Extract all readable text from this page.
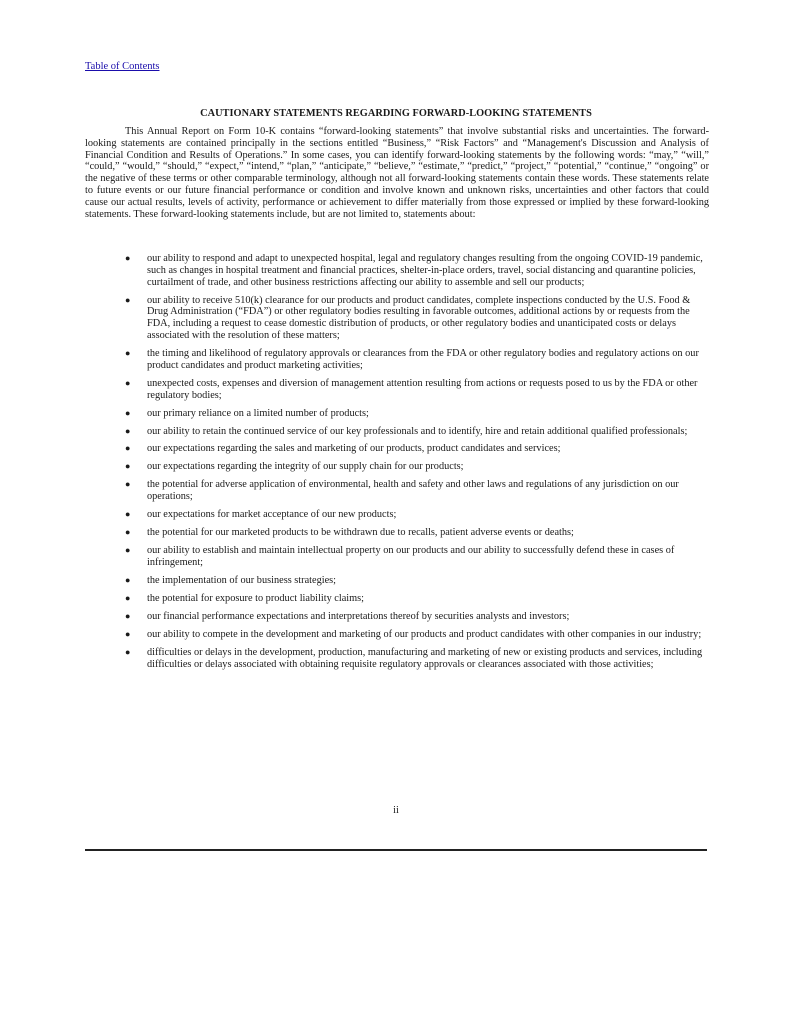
Table of Contents
CAUTIONARY STATEMENTS REGARDING FORWARD-LOOKING STATEMENTS

This Annual Report on Form 10-K contains “forward-looking statements” that involve substantial risks and uncertainties. The forward-looking statements are contained principally in the sections entitled “Business,” “Risk Factors” and “Management's Discussion and Analysis of Financial Condition and Results of Operations.” In some cases, you can identify forward-looking statements by the following words: “may,” “will,” “could,” “would,” “should,” “expect,” “intend,” “plan,” “anticipate,” “believe,” “estimate,” “predict,” “project,” “potential,” “continue,” “ongoing” or the negative of these terms or other comparable terminology, although not all forward-looking statements contain these words. These statements relate to future events or our future financial performance or condition and involve known and unknown risks, uncertainties and other factors that could cause our actual results, levels of activity, performance or achievement to differ materially from those expressed or implied by these forward-looking statements. These forward-looking statements include, but are not limited to, statements about:

● our ability to respond and adapt to unexpected hospital, legal and regulatory changes resulting from the ongoing COVID-19 pandemic, such as changes in hospital treatment and financial practices, shelter-in-place orders, travel, social distancing and quarantine policies, curtailment of trade, and other business restrictions affecting our ability to assemble and sell our products;
● our ability to receive 510(k) clearance for our products and product candidates, complete inspections conducted by the U.S. Food & Drug Administration (“FDA”) or other regulatory bodies resulting in favorable outcomes, additional actions by or requests from the FDA, including a request to cease domestic distribution of products, or other regulatory bodies and unanticipated costs or delays associated with the resolution of these matters;
● the timing and likelihood of regulatory approvals or clearances from the FDA or other regulatory bodies and regulatory actions on our product candidates and product marketing activities;
● unexpected costs, expenses and diversion of management attention resulting from actions or requests posed to us by the FDA or other regulatory bodies;
● our primary reliance on a limited number of products;
● our ability to retain the continued service of our key professionals and to identify, hire and retain additional qualified professionals;
● our expectations regarding the sales and marketing of our products, product candidates and services;
● our expectations regarding the integrity of our supply chain for our products;
● the potential for adverse application of environmental, health and safety and other laws and regulations of any jurisdiction on our operations;
● our expectations for market acceptance of our new products;
● the potential for our marketed products to be withdrawn due to recalls, patient adverse events or deaths;
● our ability to establish and maintain intellectual property on our products and our ability to successfully defend these in cases of infringement;
● the implementation of our business strategies;
● the potential for exposure to product liability claims;
● our financial performance expectations and interpretations thereof by securities analysts and investors;
● our ability to compete in the development and marketing of our products and product candidates with other companies in our industry;
● difficulties or delays in the development, production, manufacturing and marketing of new or existing products and services, including difficulties or delays associated with obtaining requisite regulatory approvals or clearances associated with those activities;
ii
